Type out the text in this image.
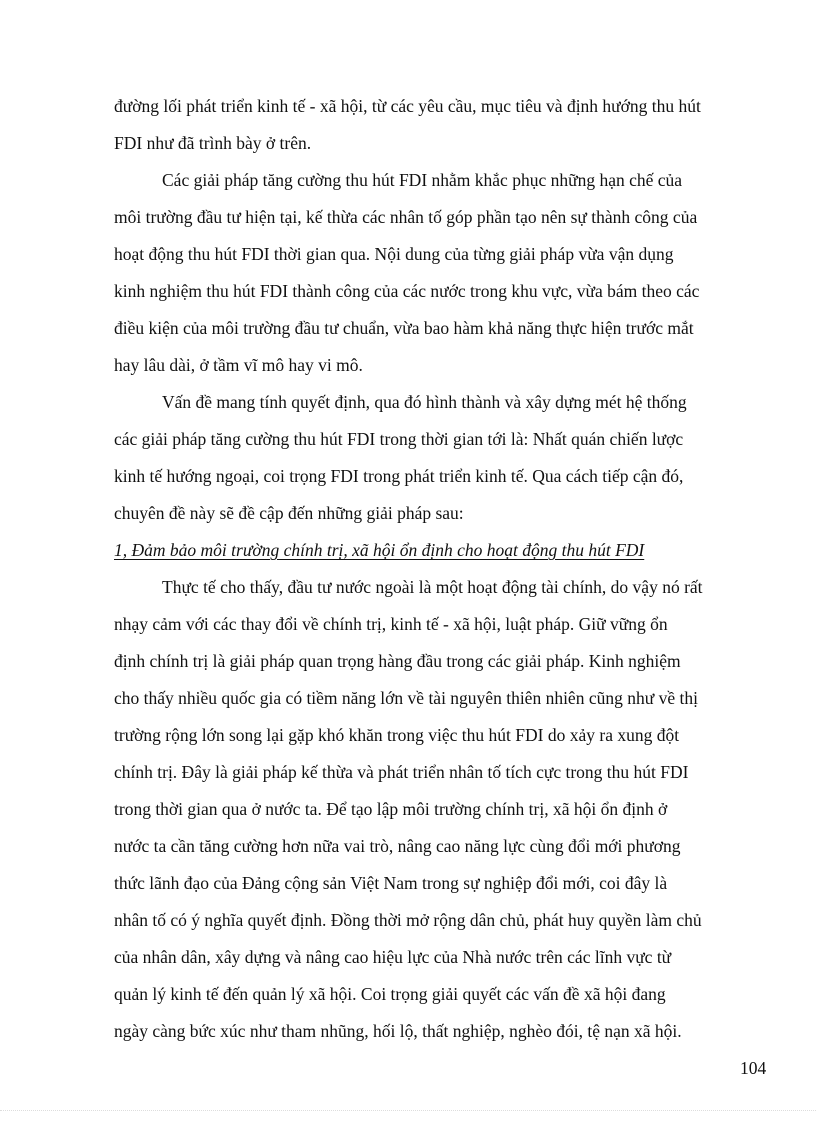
đường lối phát triển kinh tế - xã hội, từ các yêu cầu, mục tiêu và định hướng thu hút
FDI như đã trình bày ở trên.

Các giải pháp tăng cường thu hút FDI nhằm khắc phục những hạn chế của
môi trường đầu tư hiện tại, kế thừa các nhân tố góp phần tạo nên sự thành công của
hoạt động thu hút FDI thời gian qua. Nội dung của từng giải pháp vừa vận dụng
kinh nghiệm thu hút FDI thành công của các nước trong khu vực, vừa bám theo các
điều kiện của môi trường đầu tư chuẩn, vừa bao hàm khả năng thực hiện trước mắt
hay lâu dài, ở tầm vĩ mô hay vi mô.

Vấn đề mang tính quyết định, qua đó hình thành và xây dựng mét hệ thống
các giải pháp tăng cường thu hút FDI trong thời gian tới là: Nhất quán chiến lược
kinh tế hướng ngoại, coi trọng FDI trong phát triển kinh tế. Qua cách tiếp cận đó,
chuyên đề này sẽ đề cập đến những giải pháp sau:

1, Đảm bảo môi trường chính trị, xã hội ổn định cho hoạt động thu hút FDI

Thực tế cho thấy, đầu tư nước ngoài là một hoạt động tài chính, do vậy nó rất
nhạy cảm với các thay đổi về chính trị, kinh tế - xã hội, luật pháp. Giữ vững ổn
định chính trị là giải pháp quan trọng hàng đầu trong các giải pháp. Kinh nghiệm
cho thấy nhiều quốc gia có tiềm năng lớn về tài nguyên thiên nhiên cũng như về thị
trường rộng lớn song lại gặp khó khăn trong việc thu hút FDI do xảy ra xung đột
chính trị. Đây là giải pháp kế thừa và phát triển nhân tố tích cực trong thu hút FDI
trong thời gian qua ở nước ta. Để tạo lập môi trường chính trị, xã hội ổn định ở
nước ta cần tăng cường hơn nữa vai trò, nâng cao năng lực cùng đổi mới phương
thức lãnh đạo của Đảng cộng sản Việt Nam trong sự nghiệp đổi mới, coi đây là
nhân tố có ý nghĩa quyết định. Đồng thời mở rộng dân chủ, phát huy quyền làm chủ
của nhân dân, xây dựng và nâng cao hiệu lực của Nhà nước trên các lĩnh vực từ
quản lý kinh tế đến quản lý xã hội. Coi trọng giải quyết các vấn đề xã hội đang
ngày càng bức xúc như tham nhũng, hối lộ, thất nghiệp, nghèo đói, tệ nạn xã hội.

104
